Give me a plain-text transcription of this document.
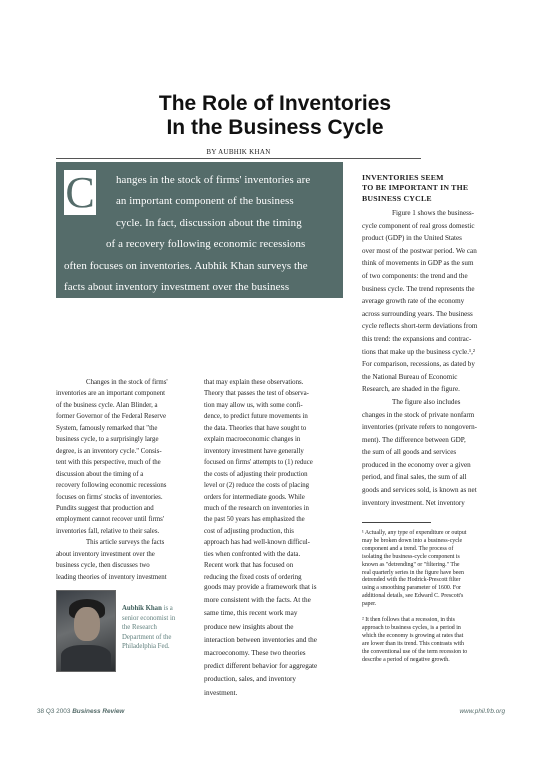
The Role of Inventories
In the Business Cycle
BY AUBHIK KHAN
C	hanges in the stock of firms' inventories are
an important component of the business
cycle. In fact, discussion about the timing
of a recovery following economic recessions
often focuses on inventories. Aubhik Khan surveys the
facts about inventory investment over the business
cycle, then discusses two leading theories that may
explain these observations.
Changes in the stock of firms'
inventories are an important component
of the business cycle. Alan Blinder, a
former Governor of the Federal Reserve
System, famously remarked that "the
business cycle, to a surprisingly large
degree, is an inventory cycle." Consis-
tent with this perspective, much of the
discussion about the timing of a
recovery following economic recessions
focuses on firms' stocks of inventories.
Pundits suggest that production and
employment cannot recover until firms'
inventories fall, relative to their sales.
This article surveys the facts
about inventory investment over the
business cycle, then discusses two
leading theories of inventory investment
that may explain these observations.
Theory that passes the test of observa-
tion may allow us, with some confi-
dence, to predict future movements in
the data. Theories that have sought to
explain macroeconomic changes in
inventory investment have generally
focused on firms' attempts to (1) reduce
the costs of adjusting their production
level or (2) reduce the costs of placing
orders for intermediate goods. While
much of the research on inventories in
the past 50 years has emphasized the
cost of adjusting production, this
approach has had well-known difficul-
ties when confronted with the data.
Recent work that has focused on
reducing the fixed costs of ordering
goods may provide a framework that is
more consistent with the facts. At the
same time, this recent work may
produce new insights about the
interaction between inventories and the
macroeconomy. These two theories
predict different behavior for aggregate
production, sales, and inventory
investment.
INVENTORIES SEEM
TO BE IMPORTANT IN THE
BUSINESS CYCLE
Figure 1 shows the business-
cycle component of real gross domestic
product (GDP) in the United States
over most of the postwar period. We can
think of movements in GDP as the sum
of two components: the trend and the
business cycle. The trend represents the
average growth rate of the economy
across surrounding years. The business
cycle reflects short-term deviations from
this trend: the expansions and contrac-
tions that make up the business cycle.¹,²
For comparison, recessions, as dated by
the National Bureau of Economic
Research, are shaded in the figure.
The figure also includes
changes in the stock of private nonfarm
inventories (private refers to nongovern-
ment). The difference between GDP,
the sum of all goods and services
produced in the economy over a given
period, and final sales, the sum of all
goods and services sold, is known as net
inventory investment. Net inventory
¹ Actually, any type of expenditure or output
may be broken down into a business-cycle
component and a trend. The process of
isolating the business-cycle component is
known as "detrending" or "filtering." The
real quarterly series in the figure have been
detrended with the Hodrick-Prescott filter
using a smoothing parameter of 1600. For
additional details, see Edward C. Prescott's
paper.
² It then follows that a recession, in this
approach to business cycles, is a period in
which the economy is growing at rates that
are lower than its trend. This contrasts with
the conventional use of the term recession to
describe a period of negative growth.
Aubhik Khan is a
senior economist in
the Research
Department of the
Philadelphia Fed.
38 Q3 2003 Business Review	www.phil.frb.org
